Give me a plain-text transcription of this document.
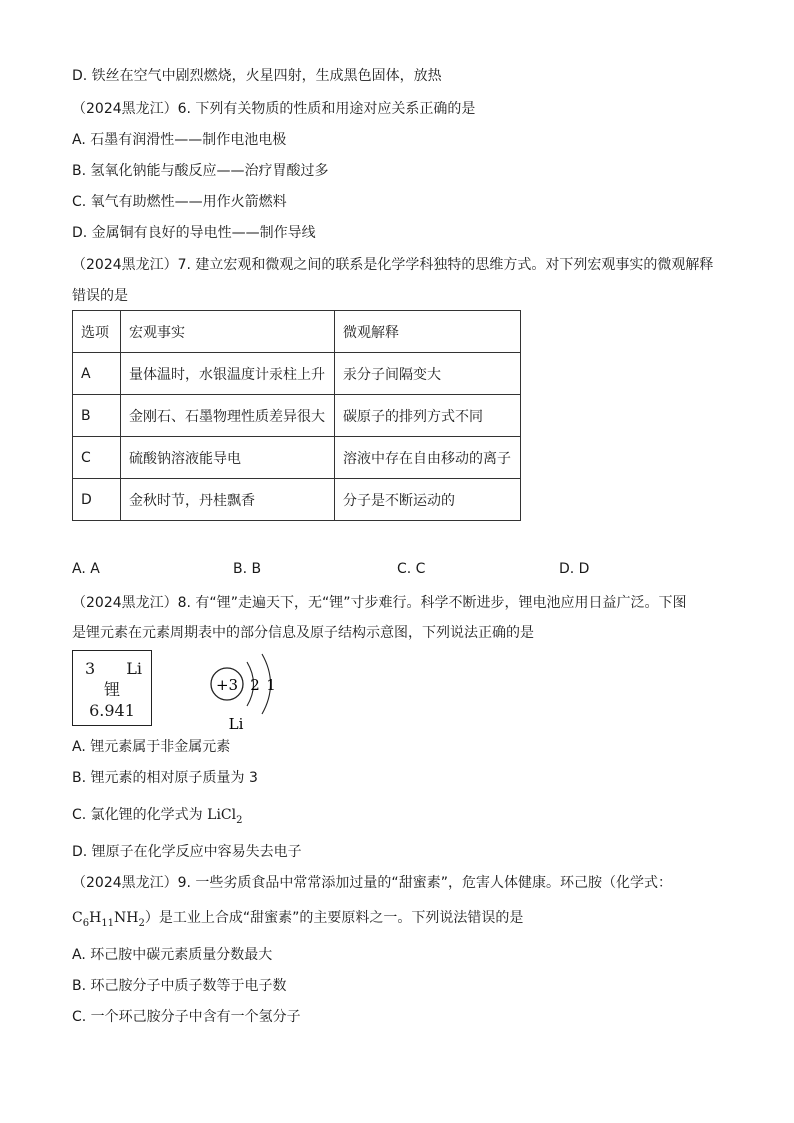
D. 铁丝在空气中剧烈燃烧，火星四射，生成黑色固体，放热
（2024黑龙江）6. 下列有关物质的性质和用途对应关系正确的是
A. 石墨有润滑性——制作电池电极
B. 氢氧化钠能与酸反应——治疗胃酸过多
C. 氧气有助燃性——用作火箭燃料
D. 金属铜有良好的导电性——制作导线
（2024黑龙江）7. 建立宏观和微观之间的联系是化学学科独特的思维方式。对下列宏观事实的微观解释
错误的是
选项	宏观事实	微观解释
A	量体温时，水银温度计汞柱上升	汞分子间隔变大
B	金刚石、石墨物理性质差异很大	碳原子的排列方式不同
C	硫酸钠溶液能导电	溶液中存在自由移动的离子
D	金秋时节，丹桂飘香	分子是不断运动的
A. A	B. B	C. C	D. D
（2024黑龙江）8. 有“锂”走遍天下，无“锂”寸步难行。科学不断进步，锂电池应用日益广泛。下图
是锂元素在元素周期表中的部分信息及原子结构示意图，下列说法正确的是
3 Li
锂
6.941
+3 2 1
Li
A. 锂元素属于非金属元素
B. 锂元素的相对原子质量为 3
C. 氯化锂的化学式为 LiCl$_2$
D. 锂原子在化学反应中容易失去电子
（2024黑龙江）9. 一些劣质食品中常常添加过量的“甜蜜素”，危害人体健康。环己胺（化学式：
$C_6H_{11}NH_2$）是工业上合成“甜蜜素”的主要原料之一。下列说法错误的是
A. 环己胺中碳元素质量分数最大
B. 环己胺分子中质子数等于电子数
C. 一个环己胺分子中含有一个氢分子
